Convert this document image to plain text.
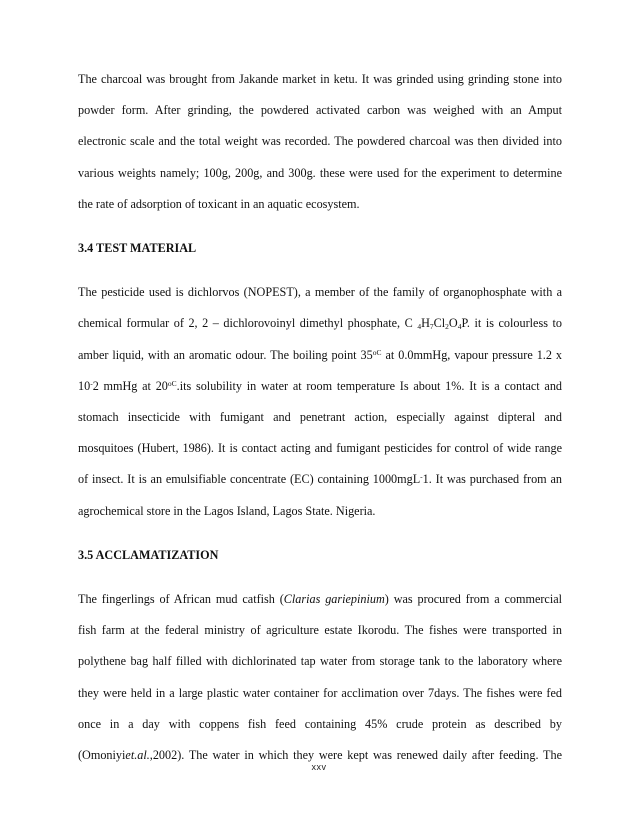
The charcoal was brought from Jakande market in ketu. It was grinded using grinding stone into
powder form. After grinding, the powdered activated carbon was weighed with an Amput
electronic scale and the total weight was recorded. The powdered charcoal was then divided into
various weights namely; 100g, 200g, and 300g. these were used for the experiment to determine
the rate of adsorption of toxicant in an aquatic ecosystem.
3.4 TEST MATERIAL
The pesticide used is dichlorvos (NOPEST), a member of the family of organophosphate with a
chemical formular of 2, 2 – dichlorovoinyl dimethyl phosphate, C $_4H_7Cl_2O_4P$. it is colourless to
amber liquid, with an aromatic odour. The boiling point $35^{oC}$ at 0.0mmHg, vapour pressure 1.2 x
10-2 mmHg at $20^{oC}.its$ solubility in water at room temperature Is about 1%. It is a contact and
stomach insecticide with fumigant and penetrant action, especially against dipteral and
mosquitoes (Hubert, 1986). It is contact acting and fumigant pesticides for control of wide range
of insect. It is an emulsifiable concentrate (EC) containing 1000mgL-1. It was purchased from an
agrochemical store in the Lagos Island, Lagos State. Nigeria.
3.5 ACCLAMATIZATION
The fingerlings of African mud catfish (Clarias gariepinium) was procured from a commercial
fish farm at the federal ministry of agriculture estate Ikorodu. The fishes were transported in
polythene bag half filled with dichlorinated tap water from storage tank to the laboratory where
they were held in a large plastic water container for acclimation over 7days. The fishes were fed
once in a day with coppens fish feed containing 45% crude protein as described by
(Omoniyiet.al.,2002). The water in which they were kept was renewed daily after feeding. The
xxv
